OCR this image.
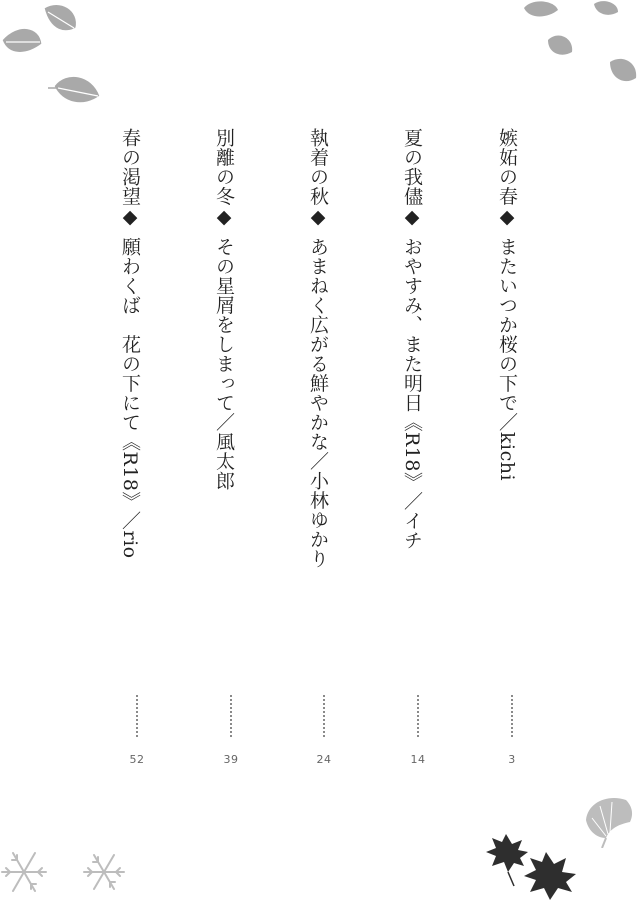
嫉妬の春◆またいつか桜の下で／kichi
夏の我儘◆おやすみ、また明日《R18》／イチ
執着の秋◆あまねく広がる鮮やかな／小林ゆかり
別離の冬◆その星屑をしまって／風太郎
春の渇望◆願わくば　花の下にて《R18》／rio
3
14
24
39
52
